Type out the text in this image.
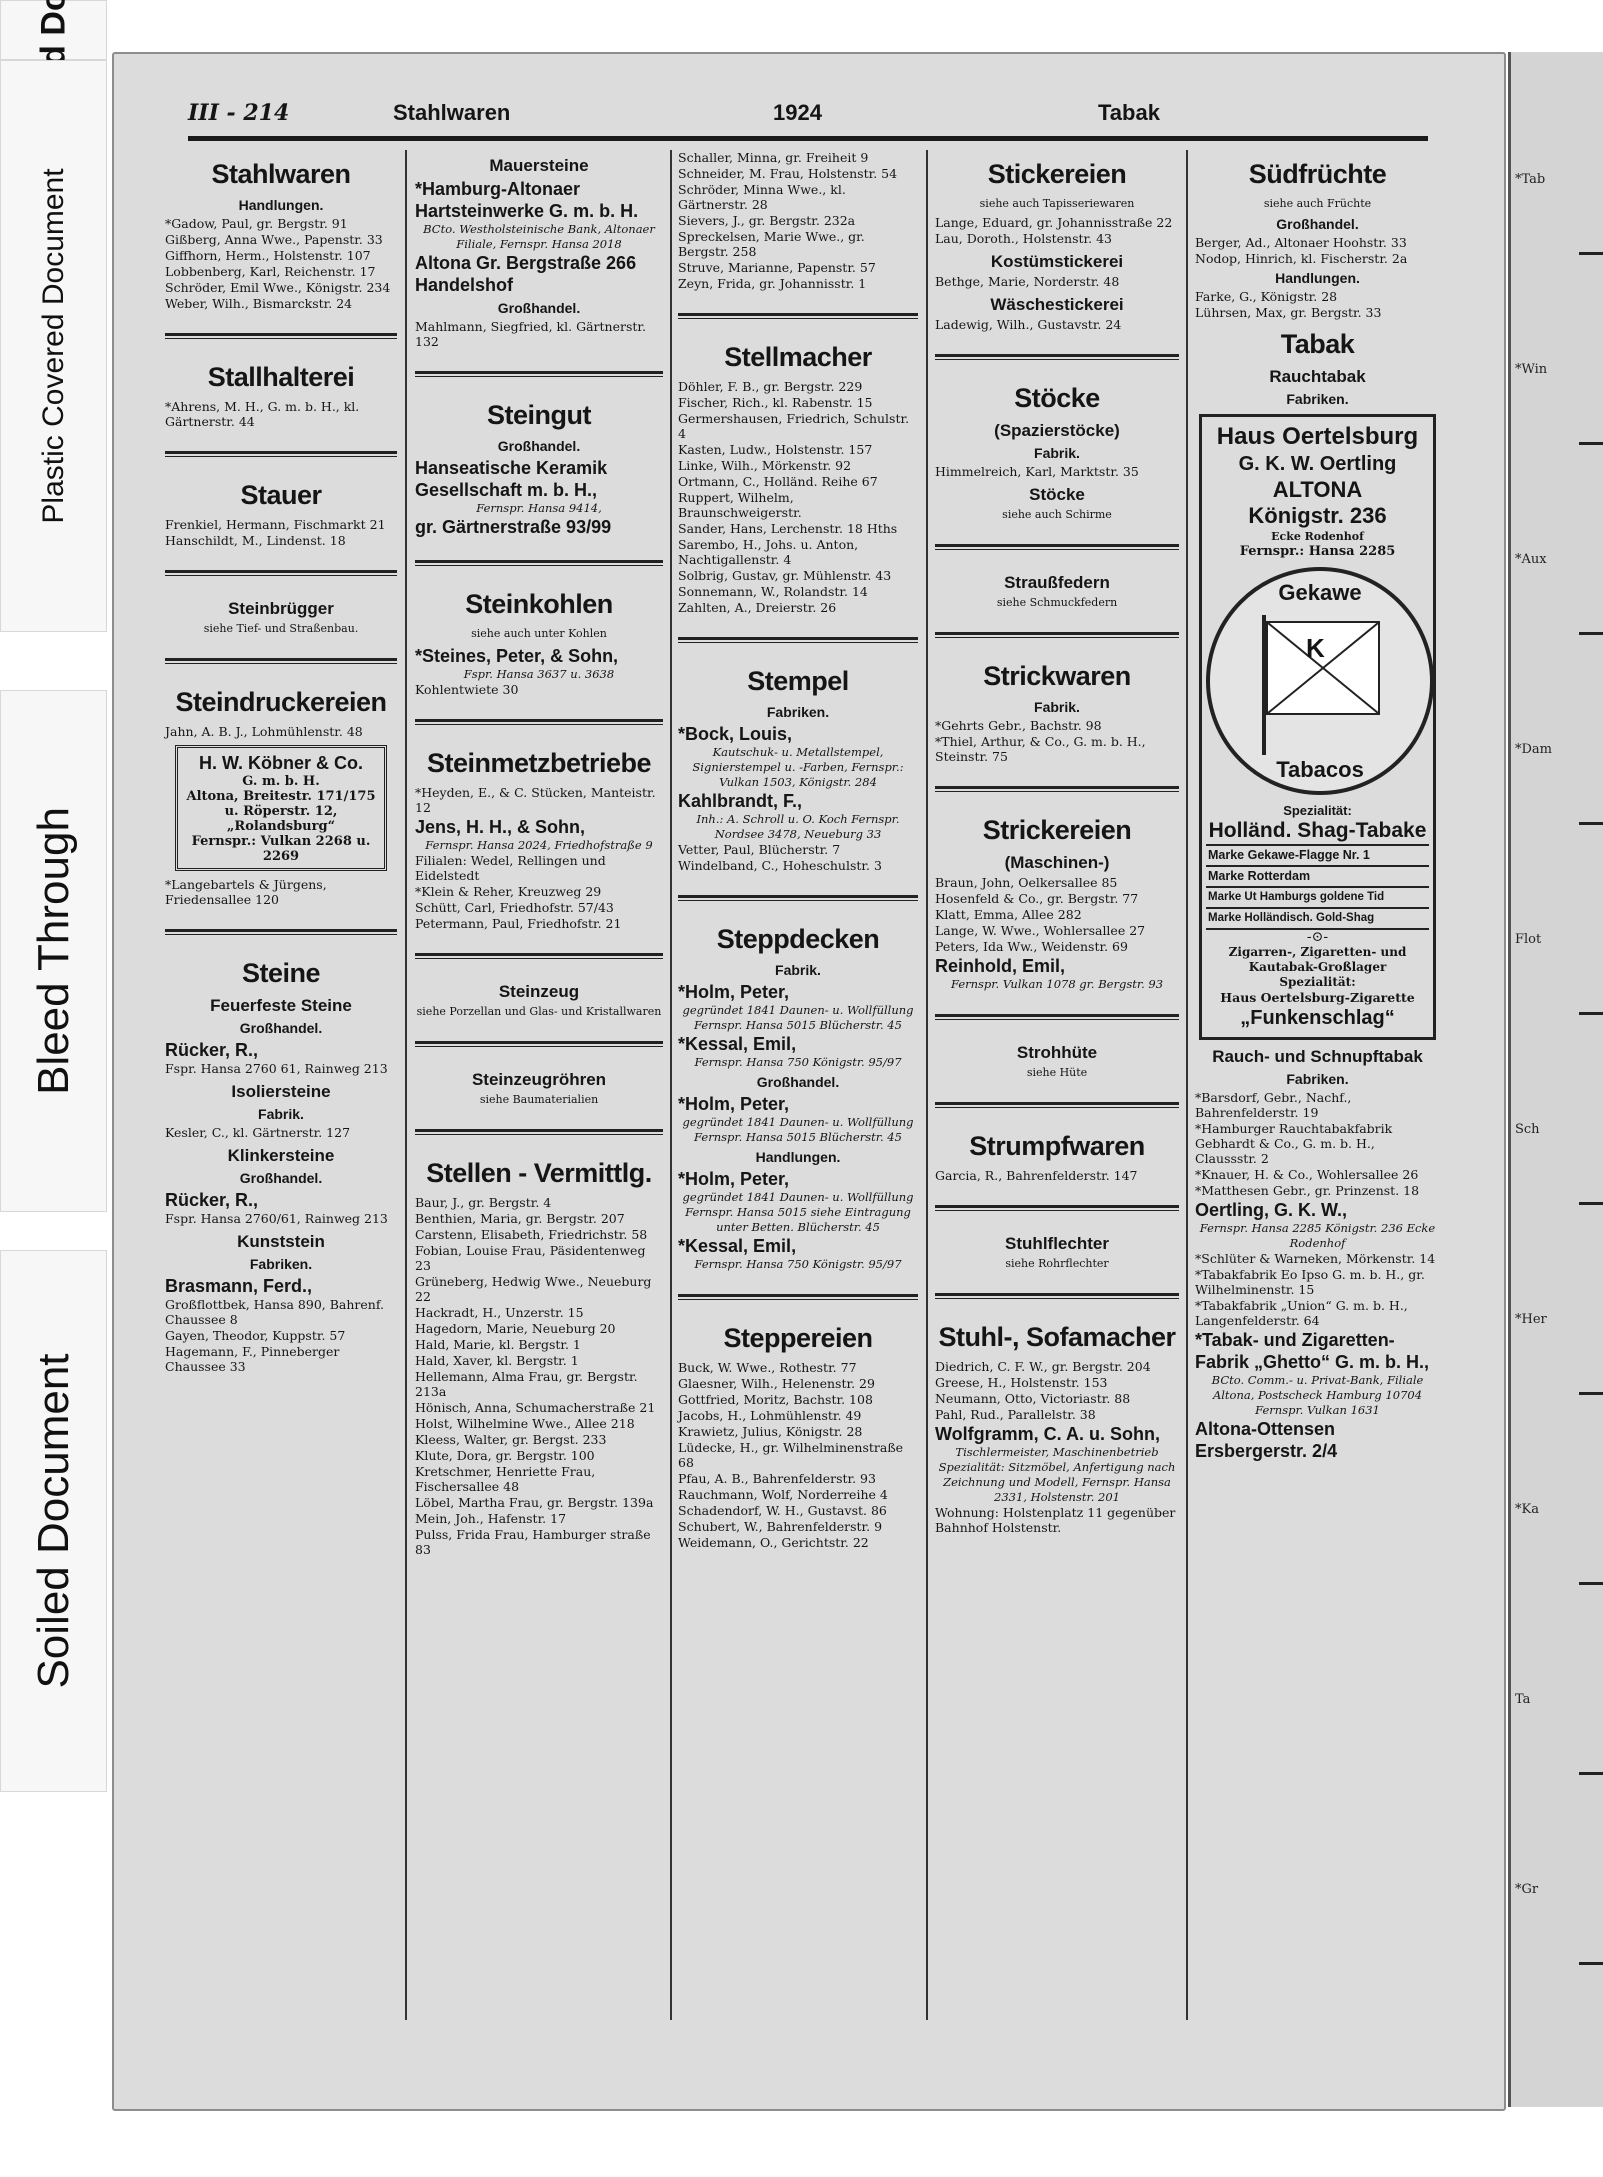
Plastic Covered Document
Bleed Through
Soiled Document
*Tab
*Win
*Aux
*Dam
Flot
Sch
*Her
*Ka
Ta
*Gr
III - 214	Stahlwaren	1924	Tabak
Stahlwaren
Handlungen.
*Gadow, Paul, gr. Bergstr. 91
Gißberg, Anna Wwe., Papenstr. 33
Giffhorn, Herm., Holstenstr. 107
Lobbenberg, Karl, Reichenstr. 17
Schröder, Emil Wwe., Königstr. 234
Weber, Wilh., Bismarckstr. 24
Stallhalterei
*Ahrens, M. H., G. m. b. H., kl. Gärtnerstr. 44
Stauer
Frenkiel, Hermann, Fischmarkt 21
Hanschildt, M., Lindenst. 18
Steinbrügger
siehe Tief- und Straßenbau.
Steindruckereien
Jahn, A. B. J., Lohmühlenstr. 48
H. W. Köbner & Co.
G. m. b. H.
Altona, Breitestr. 171/175
u. Röperstr. 12,
„Rolandsburg“
Fernspr.: Vulkan 2268 u. 2269
*Langebartels & Jürgens, Friedensallee 120
Steine
Feuerfeste Steine
Großhandel.
Rücker, R.,
Fspr. Hansa 2760 61, Rainweg 213
Isoliersteine
Fabrik.
Kesler, C., kl. Gärtnerstr. 127
Klinkersteine
Großhandel.
Rücker, R.,
Fspr. Hansa 2760/61, Rainweg 213
Kunststein
Fabriken.
Brasmann, Ferd.,
Großflottbek, Hansa 890, Bahrenf. Chaussee 8
Gayen, Theodor, Kuppstr. 57
Hagemann, F., Pinneberger Chaussee 33
Mauersteine
*Hamburg-Altonaer Hartsteinwerke G. m. b. H.
BCto. Westholsteinische Bank, Altonaer Filiale, Fernspr. Hansa 2018
Altona Gr. Bergstraße 266 Handelshof
Großhandel.
Mahlmann, Siegfried, kl. Gärtnerstr. 132
Steingut
Großhandel.
Hanseatische Keramik Gesellschaft m. b. H.,
Fernspr. Hansa 9414,
gr. Gärtnerstraße 93/99
Steinkohlen
siehe auch unter Kohlen
*Steines, Peter, & Sohn,
Fspr. Hansa 3637 u. 3638
Kohlentwiete 30
Steinmetzbetriebe
*Heyden, E., & C. Stücken, Manteistr. 12
Jens, H. H., & Sohn,
Fernspr. Hansa 2024, Friedhofstraße 9
Filialen: Wedel, Rellingen und Eidelstedt
*Klein & Reher, Kreuzweg 29
Schütt, Carl, Friedhofstr. 57/43
Petermann, Paul, Friedhofstr. 21
Steinzeug
siehe Porzellan und Glas- und Kristallwaren
Steinzeugröhren
siehe Baumaterialien
Stellen - Vermittlg.
Baur, J., gr. Bergstr. 4
Benthien, Maria, gr. Bergstr. 207
Carstenn, Elisabeth, Friedrichstr. 58
Fobian, Louise Frau, Päsidentenweg 23
Grüneberg, Hedwig Wwe., Neueburg 22
Hackradt, H., Unzerstr. 15
Hagedorn, Marie, Neueburg 20
Hald, Marie, kl. Bergstr. 1
Hald, Xaver, kl. Bergstr. 1
Hellemann, Alma Frau, gr. Bergstr. 213a
Hönisch, Anna, Schumacherstraße 21
Holst, Wilhelmine Wwe., Allee 218
Kleess, Walter, gr. Bergst. 233
Klute, Dora, gr. Bergstr. 100
Kretschmer, Henriette Frau, Fischersallee 48
Löbel, Martha Frau, gr. Bergstr. 139a
Mein, Joh., Hafenstr. 17
Pulss, Frida Frau, Hamburger straße 83
Schaller, Minna, gr. Freiheit 9
Schneider, M. Frau, Holstenstr. 54
Schröder, Minna Wwe., kl. Gärtnerstr. 28
Sievers, J., gr. Bergstr. 232a
Spreckelsen, Marie Wwe., gr. Bergstr. 258
Struve, Marianne, Papenstr. 57
Zeyn, Frida, gr. Johannisstr. 1
Stellmacher
Döhler, F. B., gr. Bergstr. 229
Fischer, Rich., kl. Rabenstr. 15
Germershausen, Friedrich, Schulstr. 4
Kasten, Ludw., Holstenstr. 157
Linke, Wilh., Mörkenstr. 92
Ortmann, C., Holländ. Reihe 67
Ruppert, Wilhelm, Braunschweigerstr.
Sander, Hans, Lerchenstr. 18 Hths
Sarembo, H., Johs. u. Anton, Nachtigallenstr. 4
Solbrig, Gustav, gr. Mühlenstr. 43
Sonnemann, W., Rolandstr. 14
Zahlten, A., Dreierstr. 26
Stempel
Fabriken.
*Bock, Louis,
Kautschuk- u. Metallstempel, Signierstempel u. -Farben, Fernspr.: Vulkan 1503, Königstr. 284
Kahlbrandt, F.,
Inh.: A. Schroll u. O. Koch Fernspr. Nordsee 3478, Neueburg 33
Vetter, Paul, Blücherstr. 7
Windelband, C., Hoheschulstr. 3
Steppdecken
Fabrik.
*Holm, Peter,
gegründet 1841 Daunen- u. Wollfüllung Fernspr. Hansa 5015 Blücherstr. 45
*Kessal, Emil,
Fernspr. Hansa 750 Königstr. 95/97
Großhandel.
*Holm, Peter,
gegründet 1841 Daunen- u. Wollfüllung Fernspr. Hansa 5015 Blücherstr. 45
Handlungen.
*Holm, Peter,
gegründet 1841 Daunen- u. Wollfüllung Fernspr. Hansa 5015 siehe Eintragung unter Betten. Blücherstr. 45
*Kessal, Emil,
Fernspr. Hansa 750 Königstr. 95/97
Steppereien
Buck, W. Wwe., Rothestr. 77
Glaesner, Wilh., Helenenstr. 29
Gottfried, Moritz, Bachstr. 108
Jacobs, H., Lohmühlenstr. 49
Krawietz, Julius, Königstr. 28
Lüdecke, H., gr. Wilhelminenstraße 68
Pfau, A. B., Bahrenfelderstr. 93
Rauchmann, Wolf, Norderreihe 4
Schadendorf, W. H., Gustavst. 86
Schubert, W., Bahrenfelderstr. 9
Weidemann, O., Gerichtstr. 22
Stickereien
siehe auch Tapisseriewaren
Lange, Eduard, gr. Johannisstraße 22
Lau, Doroth., Holstenstr. 43
Kostümstickerei
Bethge, Marie, Norderstr. 48
Wäschestickerei
Ladewig, Wilh., Gustavstr. 24
Stöcke
(Spazierstöcke)
Fabrik.
Himmelreich, Karl, Marktstr. 35
Stöcke
siehe auch Schirme
Straußfedern
siehe Schmuckfedern
Strickwaren
Fabrik.
*Gehrts Gebr., Bachstr. 98
*Thiel, Arthur, & Co., G. m. b. H., Steinstr. 75
Strickereien
(Maschinen-)
Braun, John, Oelkersallee 85
Hosenfeld & Co., gr. Bergstr. 77
Klatt, Emma, Allee 282
Lange, W. Wwe., Wohlersallee 27
Peters, Ida Ww., Weidenstr. 69
Reinhold, Emil,
Fernspr. Vulkan 1078 gr. Bergstr. 93
Strohhüte
siehe Hüte
Strumpfwaren
Garcia, R., Bahrenfelderstr. 147
Stuhlflechter
siehe Rohrflechter
Stuhl-, Sofamacher
Diedrich, C. F. W., gr. Bergstr. 204
Greese, H., Holstenstr. 153
Neumann, Otto, Victoriastr. 88
Pahl, Rud., Parallelstr. 38
Wolfgramm, C. A. u. Sohn,
Tischlermeister, Maschinenbetrieb Spezialität: Sitzmöbel, Anfertigung nach Zeichnung und Modell, Fernspr. Hansa 2331, Holstenstr. 201
Wohnung: Holstenplatz 11 gegenüber Bahnhof Holstenstr.
Südfrüchte
siehe auch Früchte
Großhandel.
Berger, Ad., Altonaer Hoohstr. 33
Nodop, Hinrich, kl. Fischerstr. 2a
Handlungen.
Farke, G., Königstr. 28
Lührsen, Max, gr. Bergstr. 33
Tabak
Rauchtabak
Fabriken.
Haus Oertelsburg
G. K. W. Oertling
ALTONA
Königstr. 236
Ecke Rodenhof
Fernspr.: Hansa 2285
Gekawe
K
Tabacos
Spezialität:
Holländ. Shag-Tabake
Marke Gekawe-Flagge Nr. 1
Marke Rotterdam
Marke Ut Hamburgs goldene Tid
Marke Holländisch. Gold-Shag
-⊙-
Zigarren-, Zigaretten- und Kautabak-Großlager
Spezialität:
Haus Oertelsburg-Zigarette
„Funkenschlag“
Rauch- und Schnupftabak
Fabriken.
*Barsdorf, Gebr., Nachf., Bahrenfelderstr. 19
*Hamburger Rauchtabakfabrik Gebhardt & Co., G. m. b. H., Claussstr. 2
*Knauer, H. & Co., Wohlersallee 26
*Matthesen Gebr., gr. Prinzenst. 18
Oertling, G. K. W.,
Fernspr. Hansa 2285 Königstr. 236 Ecke Rodenhof
*Schlüter & Warneken, Mörkenstr. 14
*Tabakfabrik Eo Ipso G. m. b. H., gr. Wilhelminenstr. 15
*Tabakfabrik „Union“ G. m. b. H., Langenfelderstr. 64
*Tabak- und Zigaretten-Fabrik „Ghetto“ G. m. b. H.,
BCto. Comm.- u. Privat-Bank, Filiale Altona, Postscheck Hamburg 10704 Fernspr. Vulkan 1631
Altona-Ottensen Ersbergerstr. 2/4
